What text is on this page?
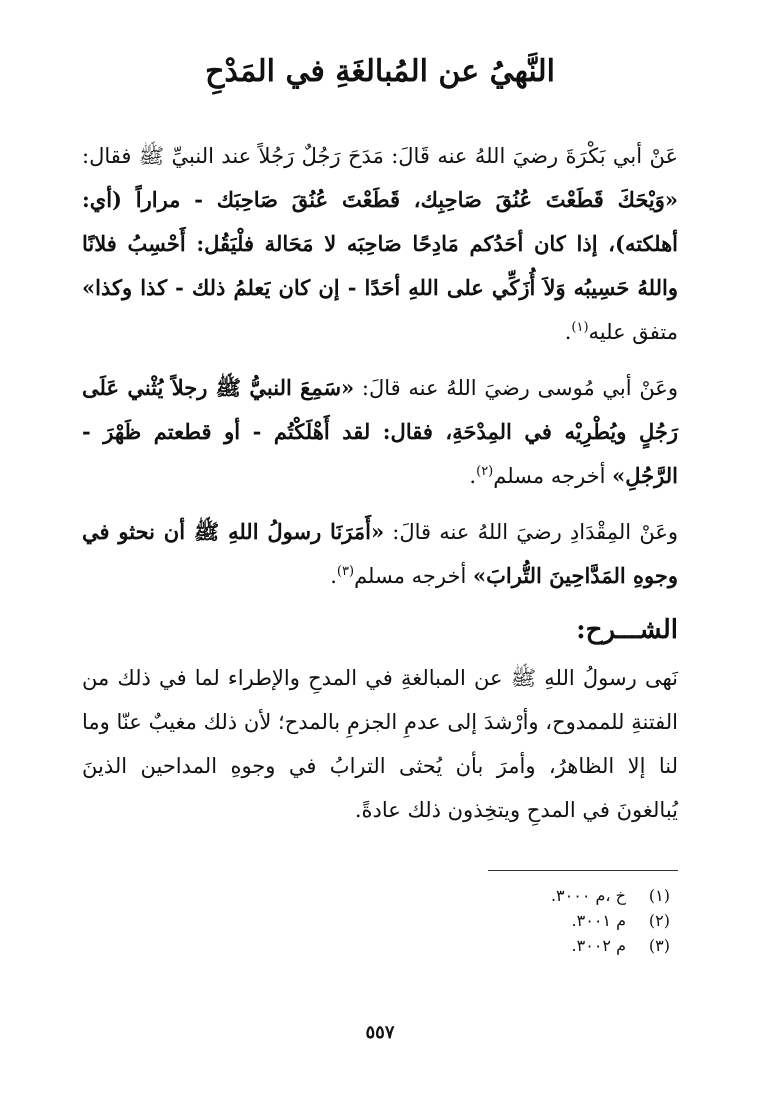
النَّهيُ عن المُبالغَةِ في المَدْحِ

عَنْ أبي بَكْرَةَ رضيَ اللهُ عنه قَالَ: مَدَحَ رَجُلٌ رَجُلاً عند النبيِّ ﷺ فقال: «وَيْحَكَ قَطَعْتَ عُنُقَ صَاحِبِك، قَطَعْتَ عُنُقَ صَاحِبَك - مراراً (أي: أهلكته)، إذا كان أحَدُكم مَادِحًا صَاحِبَه لا مَحَالة فلْيَقُل: أَحْسِبُ فلانًا واللهُ حَسِيبُه وَلاَ أُزَكِّي على اللهِ أحَدًا - إن كان يَعلمُ ذلك - كذا وكذا» متفق عليه$^{(١)}$.

وعَنْ أبي مُوسى رضيَ اللهُ عنه قالَ: «سَمِعَ النبيُّ ﷺ رجلاً يُثْني عَلَى رَجُلٍ ويُطْرِيْه في المِدْحَةِ، فقال: لقد أَهْلَكْتُم - أو قطعتم ظَهْرَ - الرَّجُلِ» أخرجه مسلم$^{(٢)}$.

وعَنْ المِقْدَادِ رضيَ اللهُ عنه قالَ: «أَمَرَنَا رسولُ اللهِ ﷺ أن نحثو في وجوهِ المَدَّاحِينَ التُّرابَ» أخرجه مسلم$^{(٣)}$.

الشـــرح:

نَهى رسولُ اللهِ ﷺ عن المبالغةِ في المدحِ والإطراء لما في ذلك من الفتنةِ للممدوح، وأرْشدَ إلى عدمِ الجزمِ بالمدح؛ لأن ذلك مغيبٌ عنّا وما لنا إلا الظاهرُ، وأمرَ بأن يُحثى الترابُ في وجوهِ المداحين الذينَ يُبالغونَ في المدحِ ويتخِذون ذلك عادةً.

(١)
خ ،م ٣٠٠٠.
(٢)
م ٣٠٠١.
(٣)
م ٣٠٠٢.
٥٥٧
